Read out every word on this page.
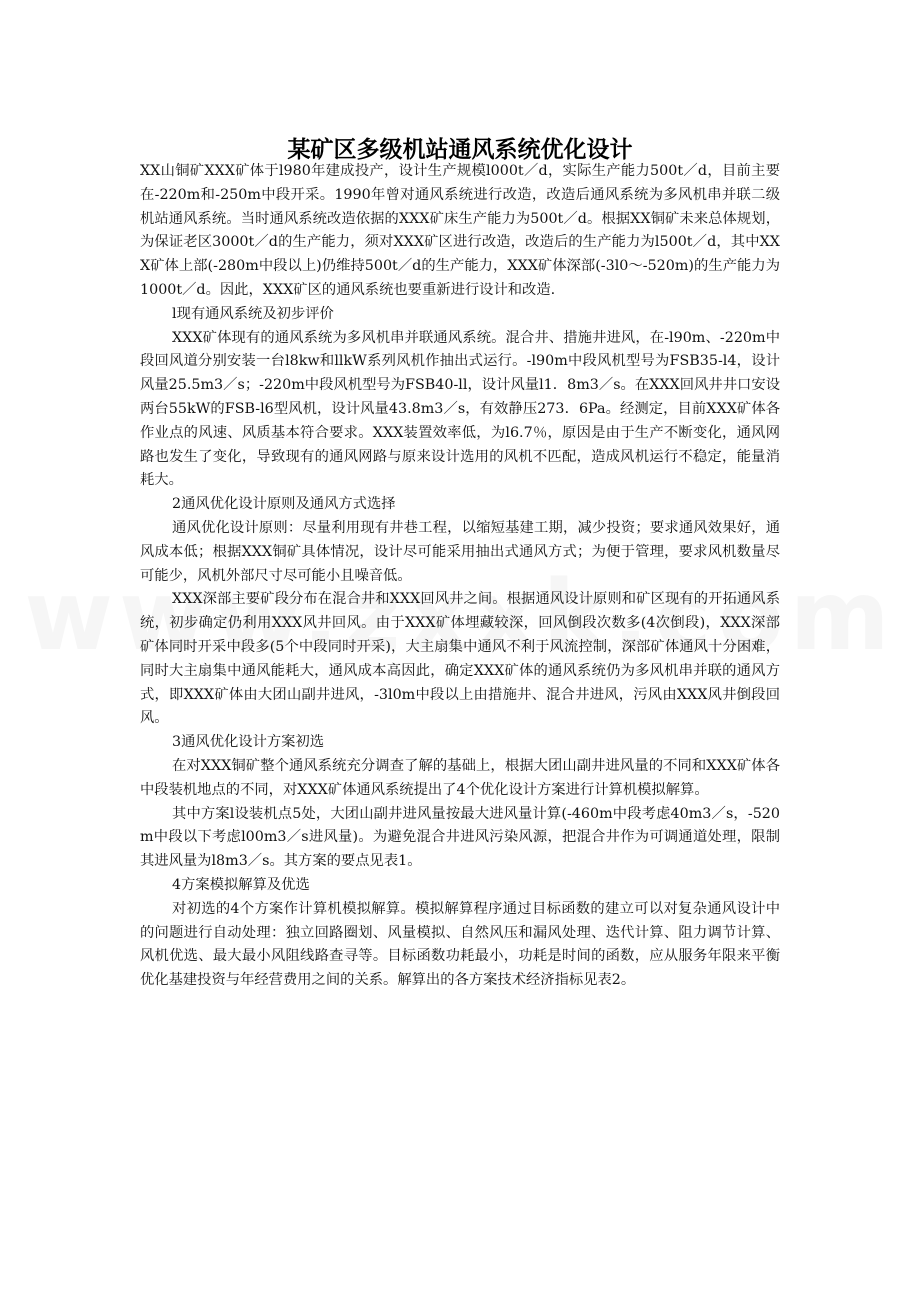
某矿区多级机站通风系统优化设计

XX山铜矿XXX矿体于l980年建成投产，设计生产规模l000t／d，实际生产能力500t／d，目前主要在-220m和-250m中段开采。1990年曾对通风系统进行改造，改造后通风系统为多风机串并联二级机站通风系统。当时通风系统改造依据的XXX矿床生产能力为500t／d。根据XX铜矿未来总体规划，为保证老区3000t／d的生产能力，须对XXX矿区进行改造，改造后的生产能力为l500t／d，其中XXX矿体上部(-280m中段以上)仍维持500t／d的生产能力，XXX矿体深部(-3l0～-520m)的生产能力为1000t／d。因此，XXX矿区的通风系统也要重新进行设计和改造.

l现有通风系统及初步评价

XXX矿体现有的通风系统为多风机串并联通风系统。混合井、措施井进风，在-l90m、-220m中段回风道分别安装一台l8kw和llkW系列风机作抽出式运行。-l90m中段风机型号为FSB35-l4，设计风量25.5m3／s；-220m中段风机型号为FSB40-ll，设计风量l1．8m3／s。在XXX回风井井口安设两台55kW的FSB-l6型风机，设计风量43.8m3／s，有效静压273．6Pa。经测定，目前XXX矿体各作业点的风速、风质基本符合要求。XXX装置效率低，为l6.7％，原因是由于生产不断变化，通风网路也发生了变化，导致现有的通风网路与原来设计选用的风机不匹配，造成风机运行不稳定，能量消耗大。

2通风优化设计原则及通风方式选择

通风优化设计原则：尽量利用现有井巷工程，以缩短基建工期，减少投资；要求通风效果好，通风成本低；根据XXX铜矿具体情况，设计尽可能采用抽出式通风方式；为便于管理，要求风机数量尽可能少，风机外部尺寸尽可能小且噪音低。

XXX深部主要矿段分布在混合井和XXX回风井之间。根据通风设计原则和矿区现有的开拓通风系统，初步确定仍利用XXX风井回风。由于XXX矿体埋藏较深，回风倒段次数多(4次倒段)，XXX深部矿体同时开采中段多(5个中段同时开采)，大主扇集中通风不利于风流控制，深部矿体通风十分困难，同时大主扇集中通风能耗大，通风成本高因此，确定XXX矿体的通风系统仍为多风机串并联的通风方式，即XXX矿体由大团山副井进风，-3l0m中段以上由措施井、混合井进风，污风由XXX风井倒段回风。

3通风优化设计方案初选

在对XXX铜矿整个通风系统充分调查了解的基础上，根据大团山副井进风量的不同和XXX矿体各中段装机地点的不同，对XXX矿体通风系统提出了4个优化设计方案进行计算机模拟解算。

其中方案l设装机点5处，大团山副井进风量按最大进风量计算(-460m中段考虑40m3／s，-520m中段以下考虑l00m3／s进风量)。为避免混合井进风污染风源，把混合井作为可调通道处理，限制其进风量为l8m3／s。其方案的要点见表1。

4方案模拟解算及优选

对初选的4个方案作计算机模拟解算。模拟解算程序通过目标函数的建立可以对复杂通风设计中的问题进行自动处理：独立回路圈划、风量模拟、自然风压和漏风处理、迭代计算、阻力调节计算、风机优选、最大最小风阻线路查寻等。目标函数功耗最小，功耗是时间的函数，应从服务年限来平衡优化基建投资与年经营费用之间的关系。解算出的各方案技术经济指标见表2。
